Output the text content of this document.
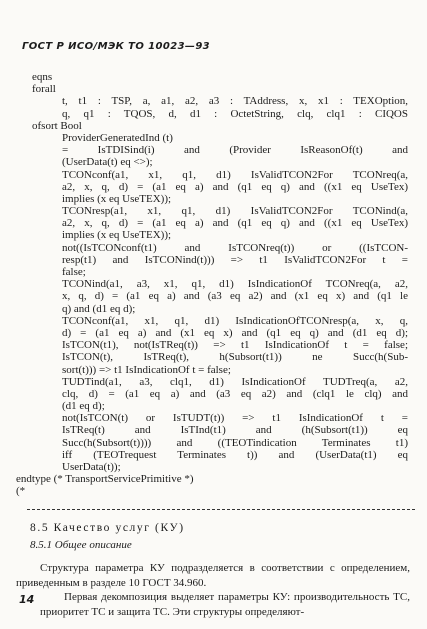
ГОСТ Р ИСО/МЭК ТО 10023—93
eqns
forall
t, t1 : TSP, a, a1, a2, a3 : TAddress, x, x1 : TEXOption,
q, q1 : TQOS, d, d1 : OctetString, clq, clq1 : CIQOS
ofsort Bool
ProviderGeneratedInd (t)
= IsTDISind(i) and (Provider IsReasonOf(t) and
(UserData(t) eq <>);
TCONconf(a1, x1, q1, d1) IsValidTCON2For TCONreq(a,
a2, x, q, d) = (a1 eq a) and (q1 eq q) and ((x1 eq UseTex)
implies (x eq UseTEX));
TCONresp(a1, x1, q1, d1) IsValidTCON2For TCONind(a,
a2, x, q, d) = (a1 eq a) and (q1 eq q) and ((x1 eq UseTex)
implies (x eq UseTEX));
not((IsTCONconf(t1) and IsTCONreq(t)) or ((IsTCON-
resp(t1) and IsTCONind(t))) => t1 IsValidTCON2For t =
false;
TCONind(a1, a3, x1, q1, d1) IsIndicationOf TCONreq(a, a2,
x, q, d) = (a1 eq a) and (a3 eq a2) and (x1 eq x) and (q1 le
q) and (d1 eq d);
TCONconf(a1, x1, q1, d1) IsIndicationOfTCONresp(a, x, q,
d) = (a1 eq a) and (x1 eq x) and (q1 eq q) and (d1 eq d);
IsTCON(t1), not(IsTReq(t)) => t1 IsIndicationOf t = false;
IsTCON(t), IsTReq(t), h(Subsort(t1)) ne Succ(h(Sub-
sort(t))) => t1 IsIndicationOf t = false;
TUDTind(a1, a3, clq1, d1) IsIndicationOf TUDTreq(a, a2,
clq, d) = (a1 eq a) and (a3 eq a2) and (clq1 le clq) and
(d1 eq d);
not(IsTCON(t) or IsTUDT(t)) => t1 IsIndicationOf t =
IsTReq(t) and IsTInd(t1) and (h(Subsort(t1)) eq
Succ(h(Subsort(t)))) and ((TEOTindication Terminates t1)
iff (TEOTrequest Terminates t)) and (UserData(t1) eq
UserData(t));
endtype (* TransportServicePrimitive *)
(*
8.5 Качество услуг (КУ)
8.5.1 Общее описание
Структура параметра КУ подразделяется в соответствии с определением, приведенным в разделе 10 ГОСТ 34.960.
Первая декомпозиция выделяет параметры КУ: производительность ТС, приоритет ТС и защита ТС. Эти структуры определяют-
14
